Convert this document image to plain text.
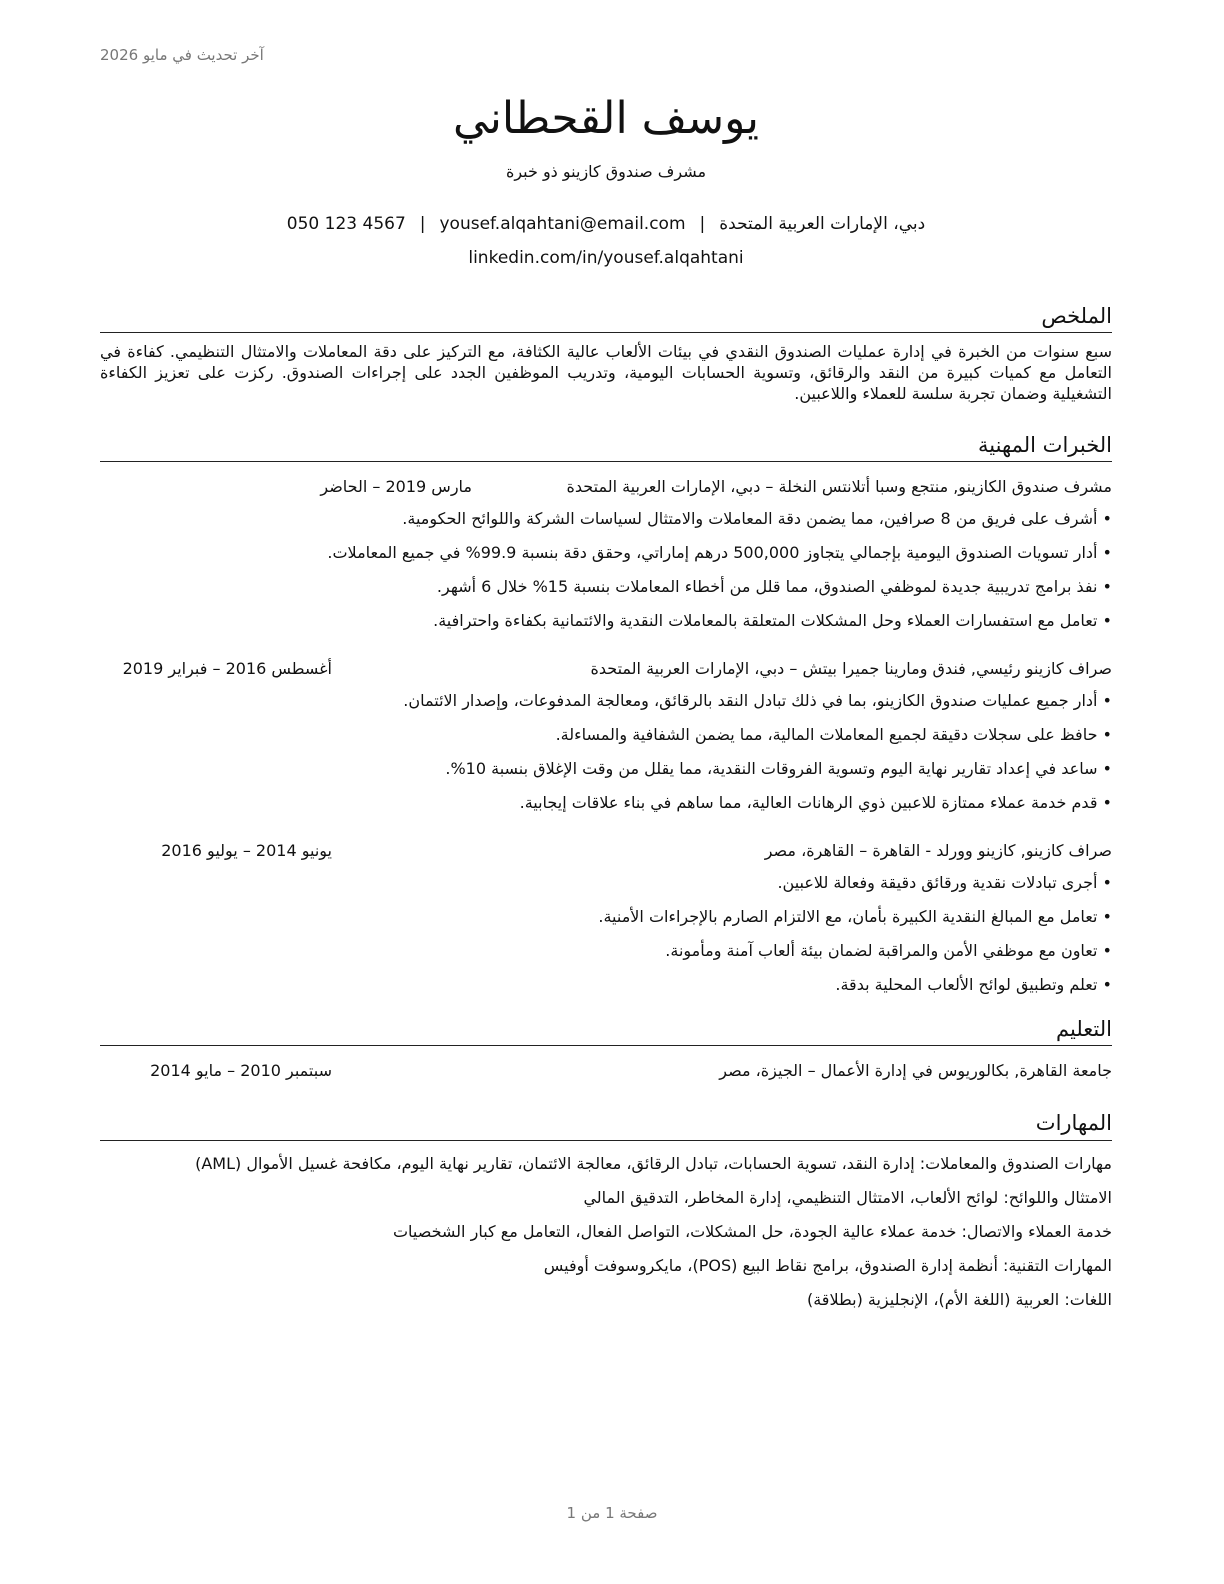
آخر تحديث في مايو 2026
يوسف القحطاني
مشرف صندوق كازينو ذو خبرة
دبي، الإمارات العربية المتحدة|yousef.alqahtani@email.com|050 123 4567
linkedin.com/in/yousef.alqahtani
الملخص
سبع سنوات من الخبرة في إدارة عمليات الصندوق النقدي في بيئات الألعاب عالية الكثافة، مع التركيز على دقة المعاملات والامتثال التنظيمي. كفاءة في التعامل مع كميات كبيرة من النقد والرقائق، وتسوية الحسابات اليومية، وتدريب الموظفين الجدد على إجراءات الصندوق. ركزت على تعزيز الكفاءة التشغيلية وضمان تجربة سلسة للعملاء واللاعبين.
الخبرات المهنية
مشرف صندوق الكازينو, منتجع وسبا أتلانتس النخلة – دبي، الإمارات العربية المتحدة
مارس 2019 – الحاضر
• أشرف على فريق من 8 صرافين، مما يضمن دقة المعاملات والامتثال لسياسات الشركة واللوائح الحكومية.
• أدار تسويات الصندوق اليومية بإجمالي يتجاوز 500,000 درهم إماراتي، وحقق دقة بنسبة 99.9% في جميع المعاملات.
• نفذ برامج تدريبية جديدة لموظفي الصندوق، مما قلل من أخطاء المعاملات بنسبة 15% خلال 6 أشهر.
• تعامل مع استفسارات العملاء وحل المشكلات المتعلقة بالمعاملات النقدية والائتمانية بكفاءة واحترافية.
صراف كازينو رئيسي, فندق ومارينا جميرا بيتش – دبي، الإمارات العربية المتحدة
أغسطس 2016 – فبراير 2019
• أدار جميع عمليات صندوق الكازينو، بما في ذلك تبادل النقد بالرقائق، ومعالجة المدفوعات، وإصدار الائتمان.
• حافظ على سجلات دقيقة لجميع المعاملات المالية، مما يضمن الشفافية والمساءلة.
• ساعد في إعداد تقارير نهاية اليوم وتسوية الفروقات النقدية، مما يقلل من وقت الإغلاق بنسبة 10%.
• قدم خدمة عملاء ممتازة للاعبين ذوي الرهانات العالية، مما ساهم في بناء علاقات إيجابية.
صراف كازينو, كازينو وورلد - القاهرة – القاهرة، مصر
يونيو 2014 – يوليو 2016
• أجرى تبادلات نقدية ورقائق دقيقة وفعالة للاعبين.
• تعامل مع المبالغ النقدية الكبيرة بأمان، مع الالتزام الصارم بالإجراءات الأمنية.
• تعاون مع موظفي الأمن والمراقبة لضمان بيئة ألعاب آمنة ومأمونة.
• تعلم وتطبيق لوائح الألعاب المحلية بدقة.
التعليم
جامعة القاهرة, بكالوريوس في إدارة الأعمال – الجيزة، مصر
سبتمبر 2010 – مايو 2014
المهارات
مهارات الصندوق والمعاملات: إدارة النقد، تسوية الحسابات، تبادل الرقائق، معالجة الائتمان، تقارير نهاية اليوم، مكافحة غسيل الأموال (AML)
الامتثال واللوائح: لوائح الألعاب، الامتثال التنظيمي، إدارة المخاطر، التدقيق المالي
خدمة العملاء والاتصال: خدمة عملاء عالية الجودة، حل المشكلات، التواصل الفعال، التعامل مع كبار الشخصيات
المهارات التقنية: أنظمة إدارة الصندوق، برامج نقاط البيع (POS)، مايكروسوفت أوفيس
اللغات: العربية (اللغة الأم)، الإنجليزية (بطلاقة)
صفحة 1 من 1
